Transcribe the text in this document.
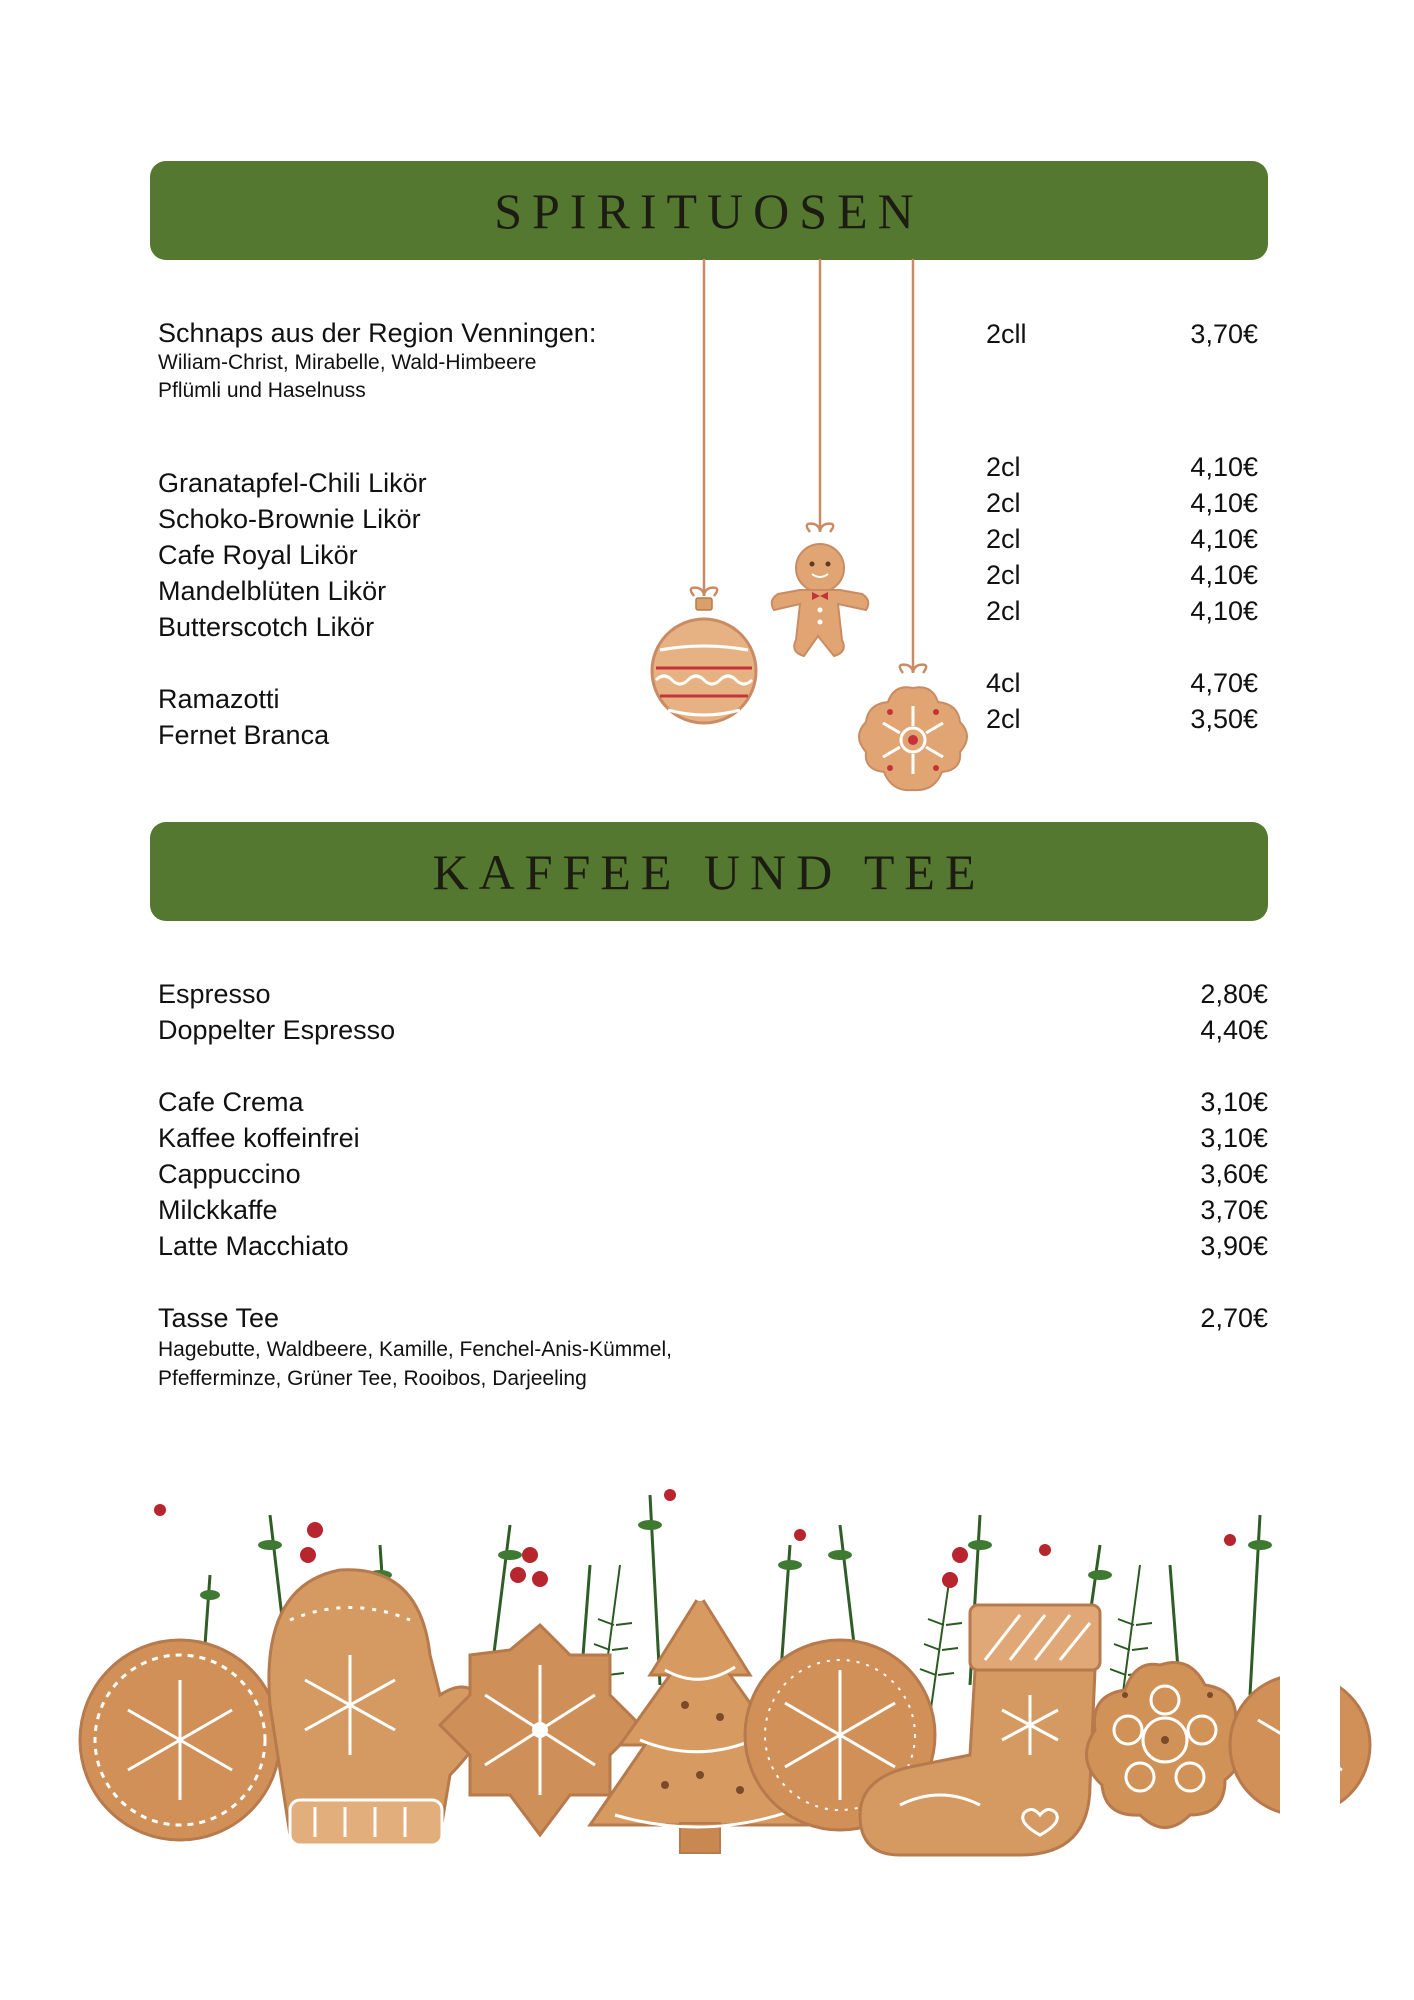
SPIRITUOSEN
Schnaps aus der Region Venningen:
Wiliam-Christ, Mirabelle, Wald-Himbeere
Pflümli und Haselnuss
2cll	3,70€
Granatapfel-Chili Likör
Schoko-Brownie Likör
Cafe Royal Likör
Mandelblüten Likör
Butterscotch Likör
2cl
2cl
2cl
2cl
2cl
4,10€
4,10€
4,10€
4,10€
4,10€
Ramazotti
Fernet Branca
4cl
2cl
4,70€
3,50€
KAFFEE UND TEE
Espresso
Doppelter Espresso
2,80€
4,40€
Cafe Crema
Kaffee koffeinfrei
Cappuccino
Milckkaffe
Latte Macchiato
3,10€
3,10€
3,60€
3,70€
3,90€
Tasse Tee	2,70€
Hagebutte, Waldbeere, Kamille, Fenchel-Anis-Kümmel,
Pfefferminze, Grüner Tee, Rooibos, Darjeeling
